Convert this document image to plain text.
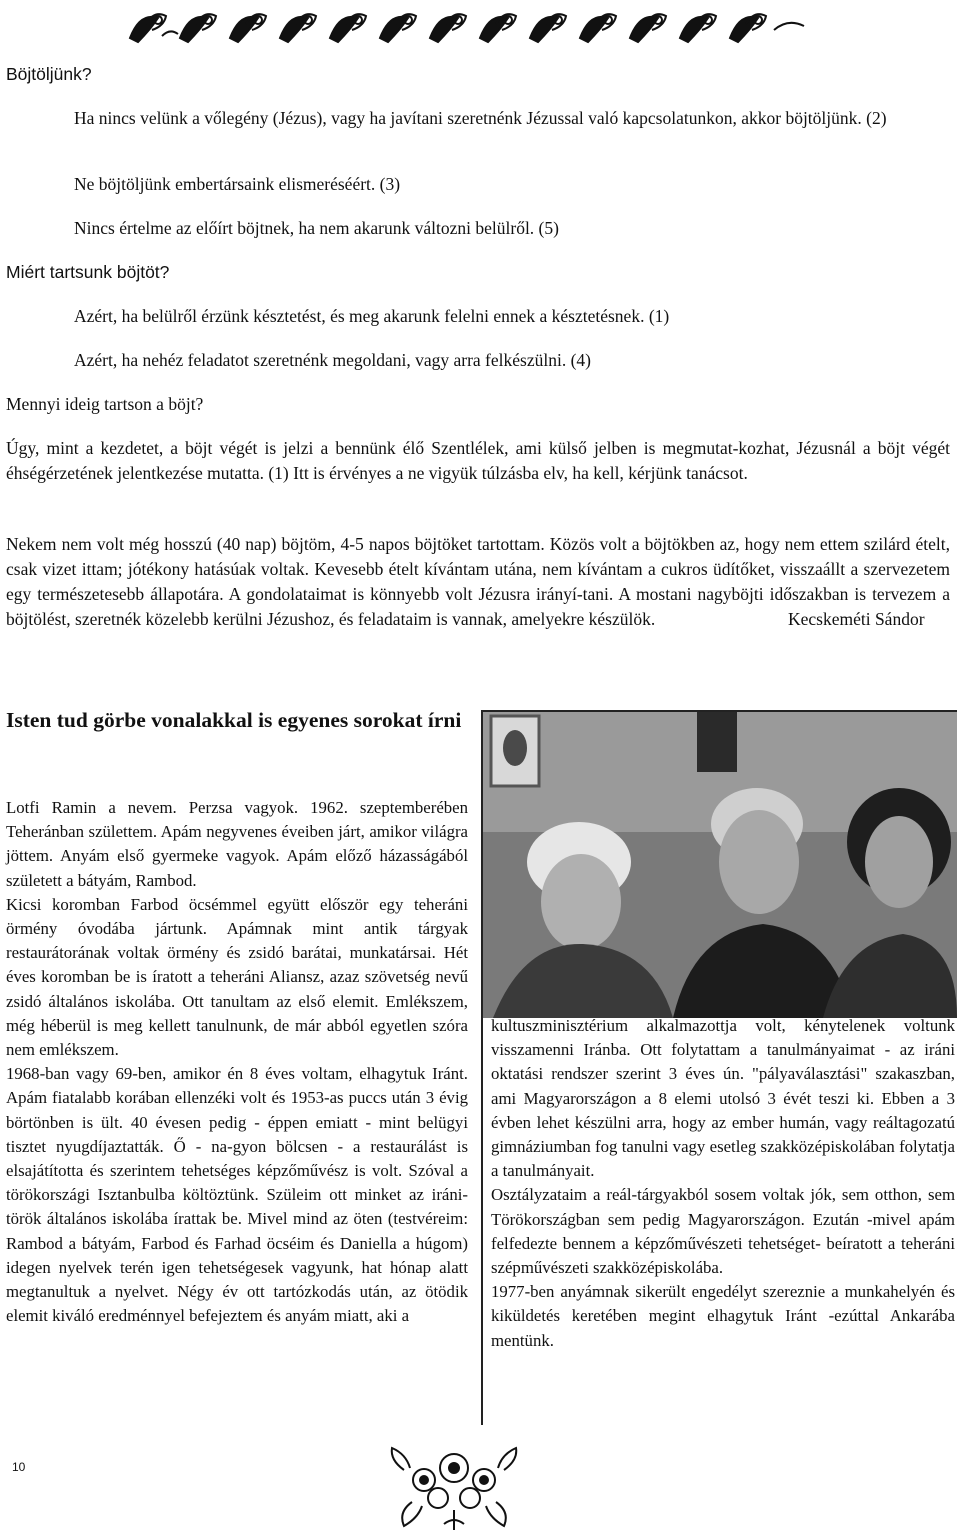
Böjtöljünk?
Ha nincs velünk a vőlegény (Jézus), vagy ha javítani szeretnénk Jézussal való kapcsolatunkon, akkor böjtöljünk. (2)
Ne böjtöljünk embertársaink elismeréséért. (3)
Nincs értelme az előírt böjtnek, ha nem akarunk változni belülről. (5)
Miért tartsunk böjtöt?
Azért, ha belülről érzünk késztetést, és meg akarunk felelni ennek a késztetésnek. (1)
Azért, ha nehéz feladatot szeretnénk megoldani, vagy arra felkészülni. (4)
Mennyi ideig tartson a böjt?
Úgy, mint a kezdetet, a böjt végét is jelzi a bennünk élő Szentlélek, ami külső jelben is megmutat-kozhat, Jézusnál a böjt végét éhségérzetének jelentkezése mutatta. (1) Itt is érvényes a ne vigyük túlzásba elv, ha kell, kérjünk tanácsot.
Nekem nem volt még hosszú (40 nap) böjtöm, 4-5 napos böjtöket tartottam. Közös volt a böjtökben az, hogy nem ettem szilárd ételt, csak vizet ittam; jótékony hatásúak voltak. Kevesebb ételt kívántam utána, nem kívántam a cukros üdítőket, visszaállt a szervezetem egy természetesebb állapotára. A gondolataimat is könnyebb volt Jézusra irányí-tani. A mostani nagyböjti időszakban is tervezem a böjtölést, szeretnék közelebb kerülni Jézushoz, és feladataim is vannak, amelyekre készülök.	Kecskeméti Sándor
Isten tud görbe vonalakkal is egyenes sorokat írni

Lotfi Ramin a nevem. Perzsa vagyok. 1962. szeptemberében Teheránban születtem. Apám negyvenes éveiben járt, amikor világra jöttem. Anyám első gyermeke vagyok. Apám előző házasságából született a bátyám, Rambod.

Kicsi koromban Farbod öcsémmel együtt először egy teheráni örmény óvodába jártunk. Apámnak mint antik tárgyak restaurátorának voltak örmény és zsidó barátai, munkatársai. Hét éves koromban be is íratott a teheráni Aliansz, azaz szövetség nevű zsidó általános iskolába. Ott tanultam az első elemit. Emlékszem, még héberül is meg kellett tanulnunk, de már abból egyetlen szóra nem emlékszem.

1968-ban vagy 69-ben, amikor én 8 éves voltam, elhagytuk Iránt. Apám fiatalabb korában ellenzéki volt és 1953-as puccs után 3 évig börtönben is ült. 40 évesen pedig - éppen emiatt - mint belügyi tisztet nyugdíjaztatták. Ő - na-gyon bölcsen - a restaurálást is elsajátította és szerintem tehetséges képzőművész is volt. Szóval a törökországi Isztanbulba költöztünk. Szüleim ott minket az iráni-török általános iskolába írattak be. Mivel mind az öten (testvéreim: Rambod a bátyám, Farbod és Farhad öcséim és Daniella a húgom) idegen nyelvek terén igen tehetségesek vagyunk, hat hónap alatt megtanultuk a nyelvet. Négy év ott tartózkodás után, az ötödik elemit kiváló eredménnyel befejeztem és anyám miatt, aki a

kultuszminisztérium alkalmazottja volt, kénytelenek voltunk visszamenni Iránba. Ott folytattam a tanulmányaimat - az iráni oktatási rendszer szerint 3 éves ún. "pályaválasztási" szakaszban, ami Magyarországon a 8 elemi utolsó 3 évét teszi ki. Ebben a 3 évben lehet készülni arra, hogy az ember humán, vagy reáltagozatú gimnáziumban fog tanulni vagy esetleg szakközépiskolában folytatja a tanulmányait.

Osztályzataim a reál-tárgyakból sosem voltak jók, sem otthon, sem Törökországban sem pedig Magyarországon. Ezután -mivel apám felfedezte bennem a képzőművészeti tehetséget- beíratott a teheráni szépművészeti szakközépiskolába.

1977-ben anyámnak sikerült engedélyt szereznie a munkahelyén és kiküldetés keretében megint elhagytuk Iránt -ezúttal Ankarába mentünk.

10
